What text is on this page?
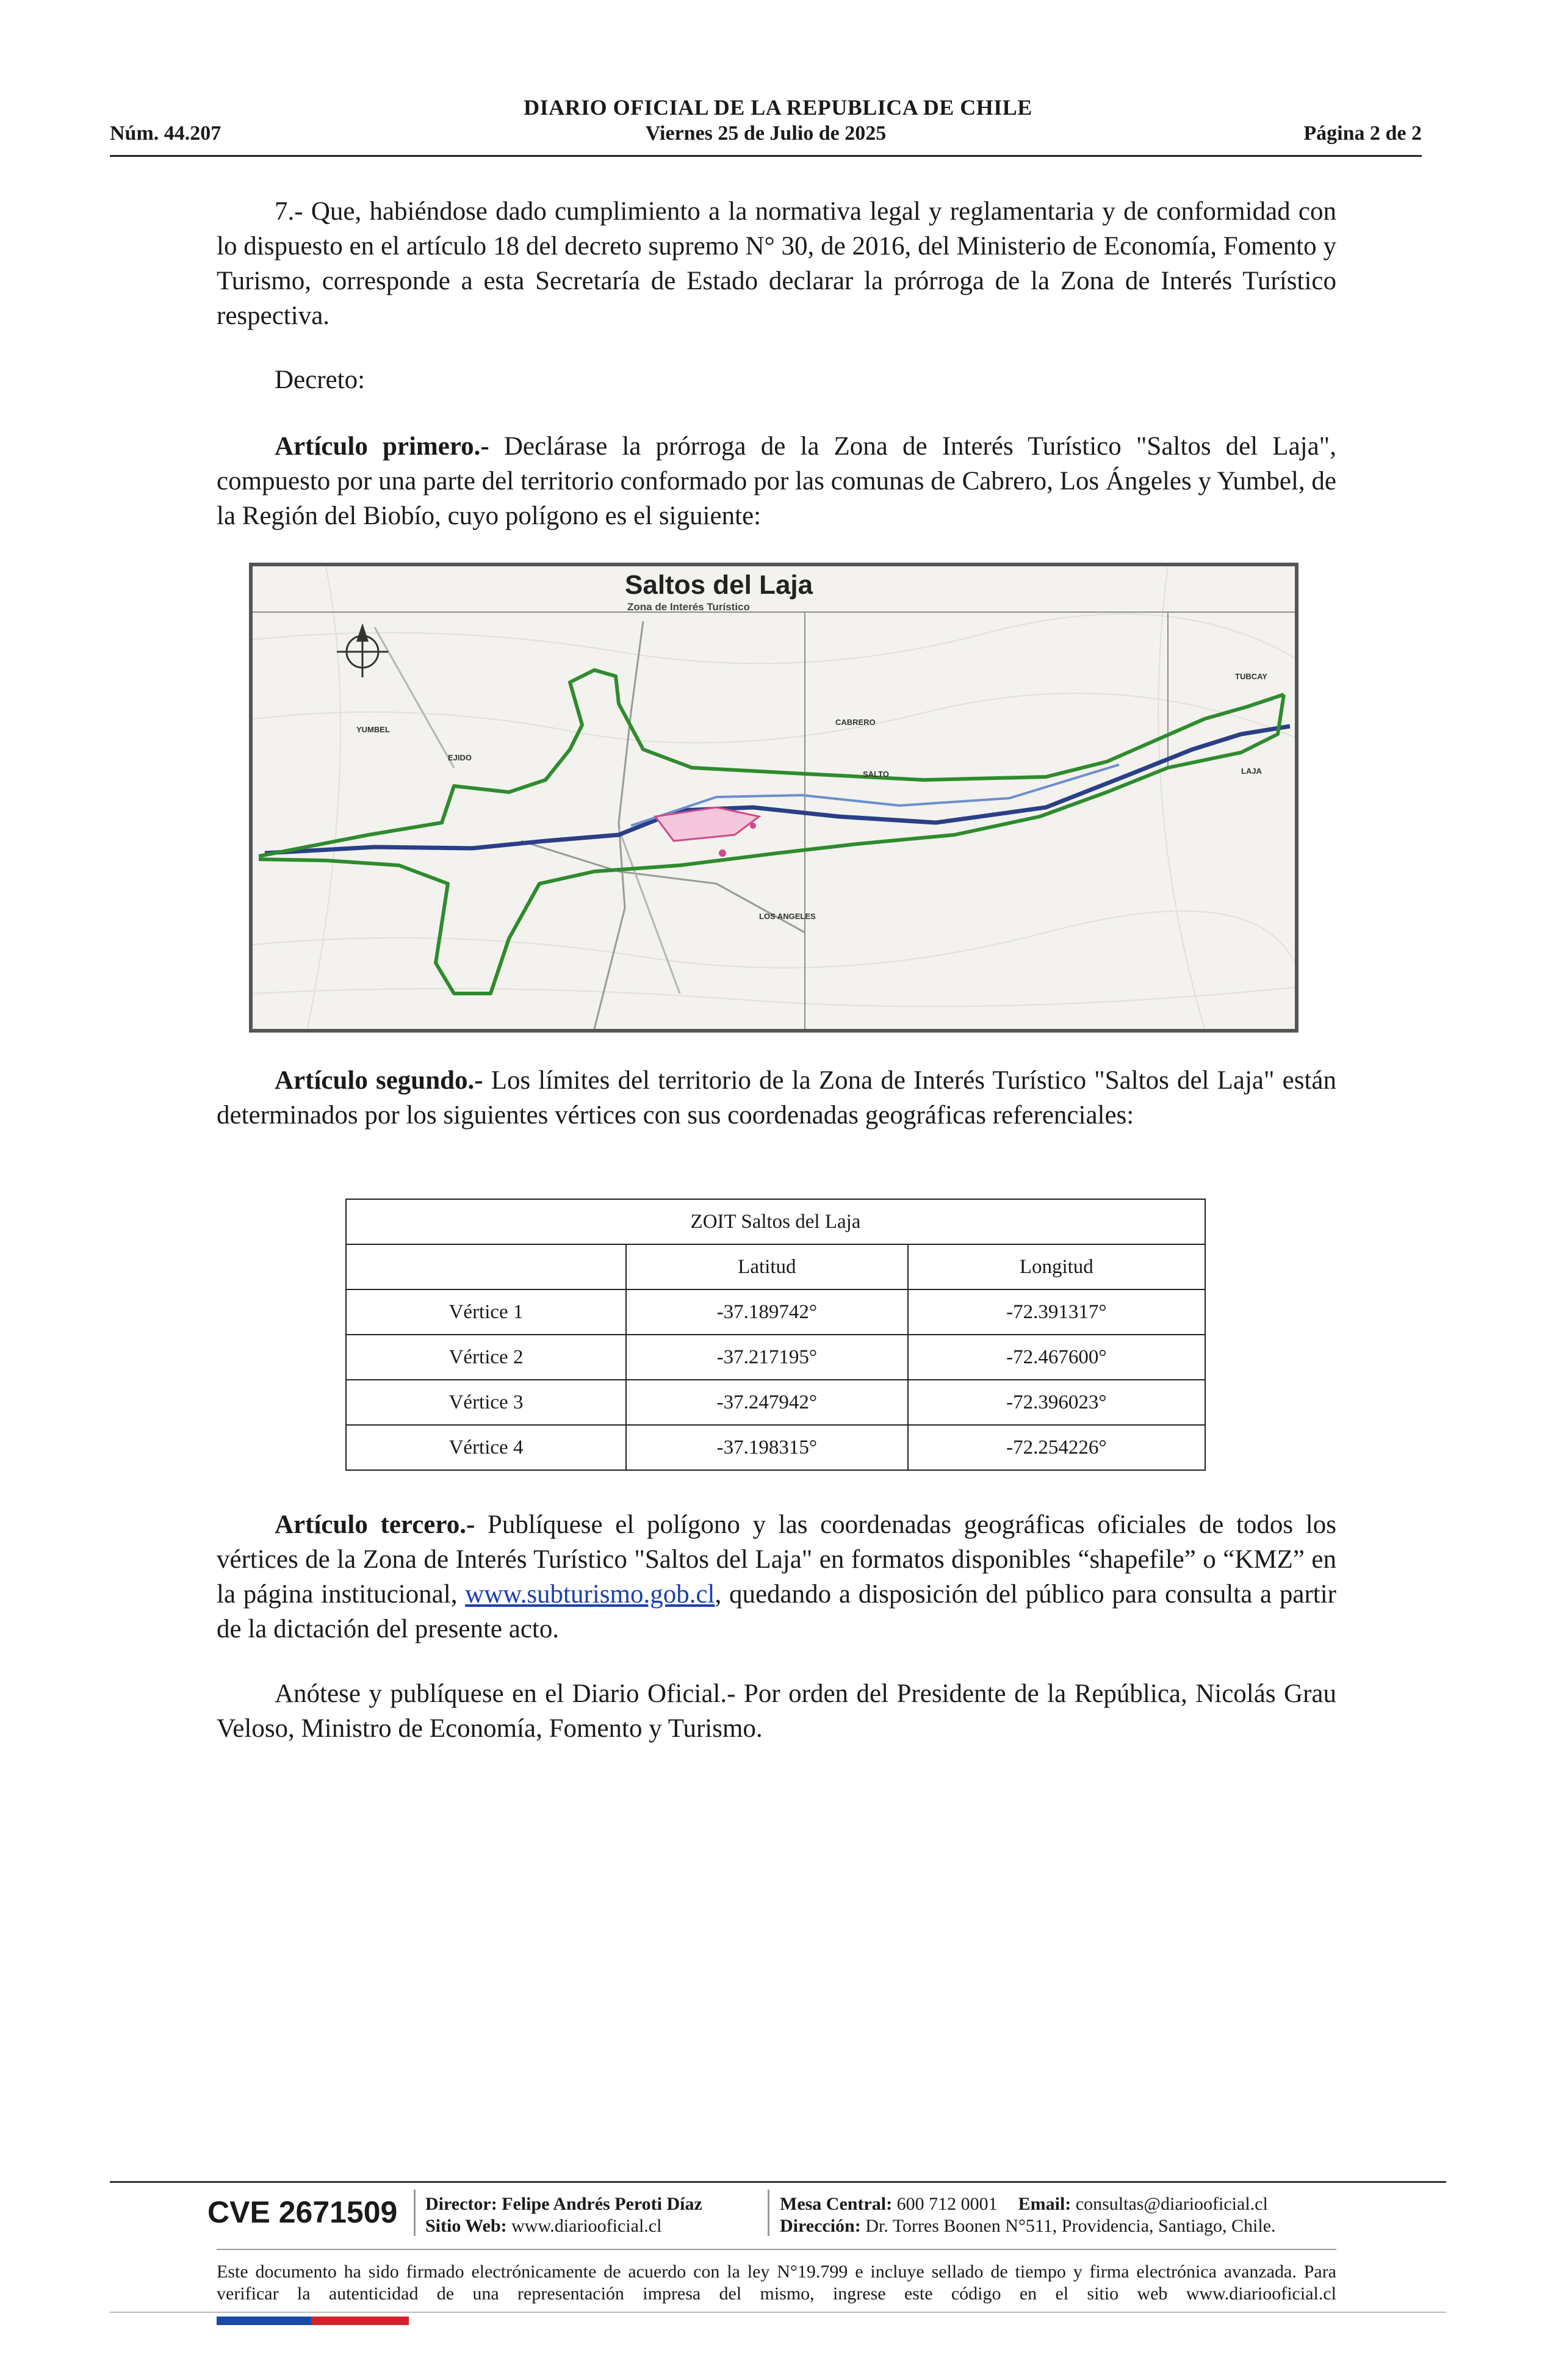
DIARIO OFICIAL DE LA REPUBLICA DE CHILE
Núm. 44.207	Viernes 25 de Julio de 2025	Página 2 de 2
7.- Que, habiéndose dado cumplimiento a la normativa legal y reglamentaria y de conformidad con lo dispuesto en el artículo 18 del decreto supremo N° 30, de 2016, del Ministerio de Economía, Fomento y Turismo, corresponde a esta Secretaría de Estado declarar la prórroga de la Zona de Interés Turístico respectiva.
Decreto:
Artículo primero.- Declárase la prórroga de la Zona de Interés Turístico "Saltos del Laja", compuesto por una parte del territorio conformado por las comunas de Cabrero, Los Ángeles y Yumbel, de la Región del Biobío, cuyo polígono es el siguiente:
Saltos del Laja
Zona de Interés Turístico
YUMBEL
CABRERO
TUBCAY
SALTO
EJIDO
LOS ANGELES
LAJA
Artículo segundo.- Los límites del territorio de la Zona de Interés Turístico "Saltos del Laja" están determinados por los siguientes vértices con sus coordenadas geográficas referenciales:
ZOIT Saltos del Laja		
	Latitud	Longitud
Vértice 1	-37.189742°	-72.391317°
Vértice 2	-37.217195°	-72.467600°
Vértice 3	-37.247942°	-72.396023°
Vértice 4	-37.198315°	-72.254226°
Artículo tercero.- Publíquese el polígono y las coordenadas geográficas oficiales de todos los vértices de la Zona de Interés Turístico "Saltos del Laja" en formatos disponibles “shapefile” o “KMZ” en la página institucional, www.subturismo.gob.cl, quedando a disposición del público para consulta a partir de la dictación del presente acto.
Anótese y publíquese en el Diario Oficial.- Por orden del Presidente de la República, Nicolás Grau Veloso, Ministro de Economía, Fomento y Turismo.
CVE 2671509	Director: Felipe Andrés Peroti Díaz
Sitio Web: www.diariooficial.cl
Mesa Central: 600 712 0001 Email: consultas@diariooficial.cl
Dirección: Dr. Torres Boonen N°511, Providencia, Santiago, Chile.
Este documento ha sido firmado electrónicamente de acuerdo con la ley N°19.799 e incluye sellado de tiempo y firma electrónica avanzada. Para verificar la autenticidad de una representación impresa del mismo, ingrese este código en el sitio web www.diariooficial.cl
